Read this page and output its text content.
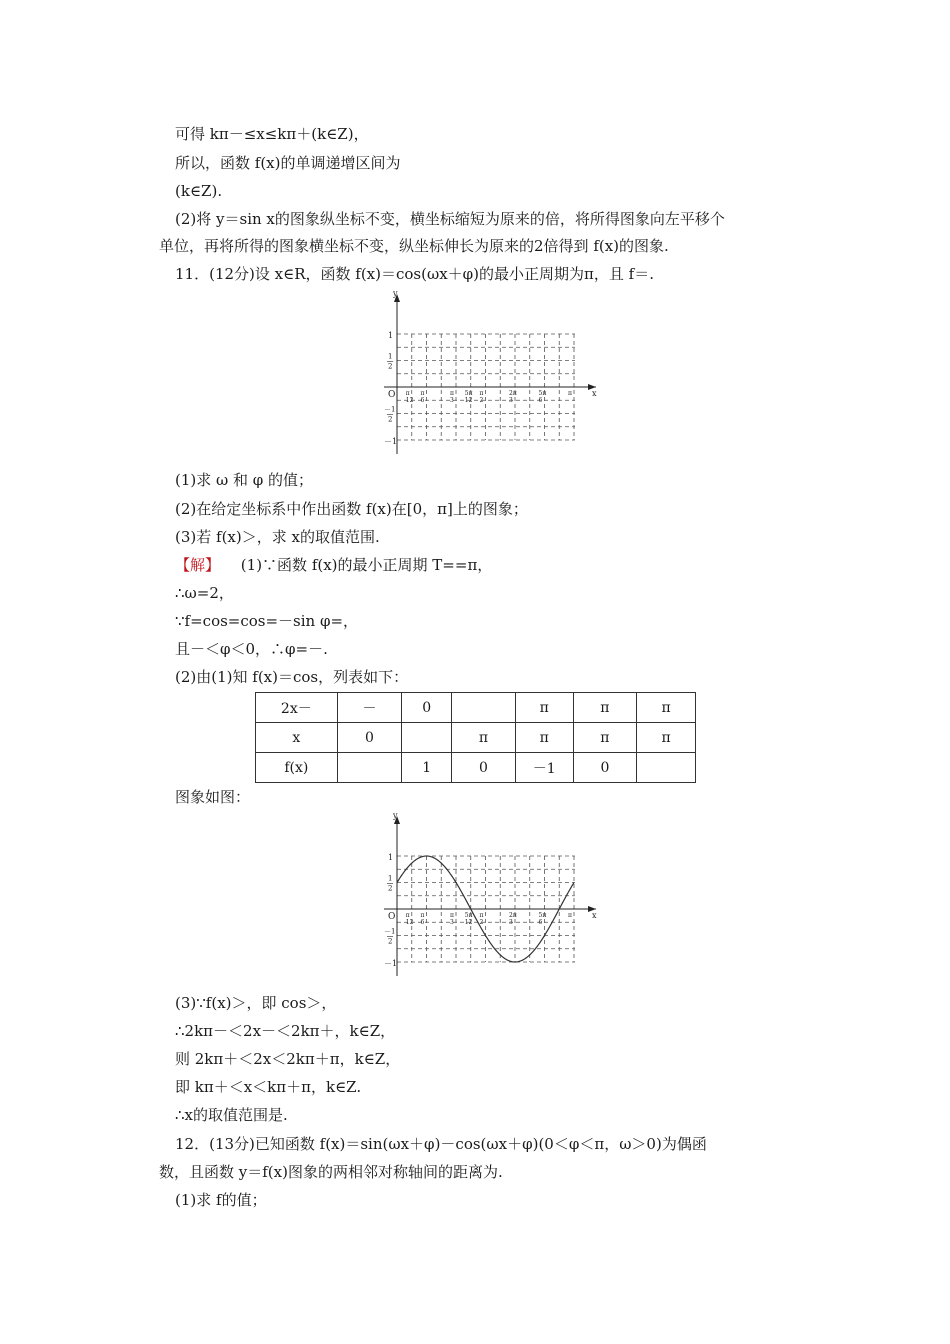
可得 kπ－≤x≤kπ＋(k∈Z)，
所以，函数 f(x)的单调递增区间为
(k∈Z).
(2)将 y＝sin x的图象纵坐标不变，横坐标缩短为原来的倍，将所得图象向左平移个
单位，再将所得的图象横坐标不变，纵坐标伸长为原来的2倍得到 f(x)的图象.
11．(12分)设 x∈R，函数 f(x)＝cos(ωx＋φ)的最小正周期为π，且 f＝.
y
x
O
1
1
2
－1
2
－1
π
12
π
6
π
3
5π
12
π
2
2π
3
5π
6
π
(1)求 ω 和 φ 的值；
(2)在给定坐标系中作出函数 f(x)在[0，π]上的图象；
(3)若 f(x)＞，求 x的取值范围.
【解】 (1)∵函数 f(x)的最小正周期 T==π，
∴ω=2，
∵f=cos=cos=－sin φ=，
且－＜φ＜0，∴φ=－.
(2)由(1)知 f(x)＝cos，列表如下：
2x－	－	0		π	π	π
x	0		π	π	π	π
f(x)		1	0	－1	0	
图象如图：
y
x
O
1
1
2
－1
2
－1
π
12
π
6
π
3
5π
12
π
2
2π
3
5π
6
π
(3)∵f(x)＞，即 cos＞，
∴2kπ－＜2x－＜2kπ＋，k∈Z，
则 2kπ＋＜2x＜2kπ＋π，k∈Z，
即 kπ＋＜x＜kπ＋π，k∈Z.
∴x的取值范围是.
12．(13分)已知函数 f(x)＝sin(ωx＋φ)－cos(ωx＋φ)(0＜φ＜π，ω＞0)为偶函
数，且函数 y＝f(x)图象的两相邻对称轴间的距离为.
(1)求 f的值；
